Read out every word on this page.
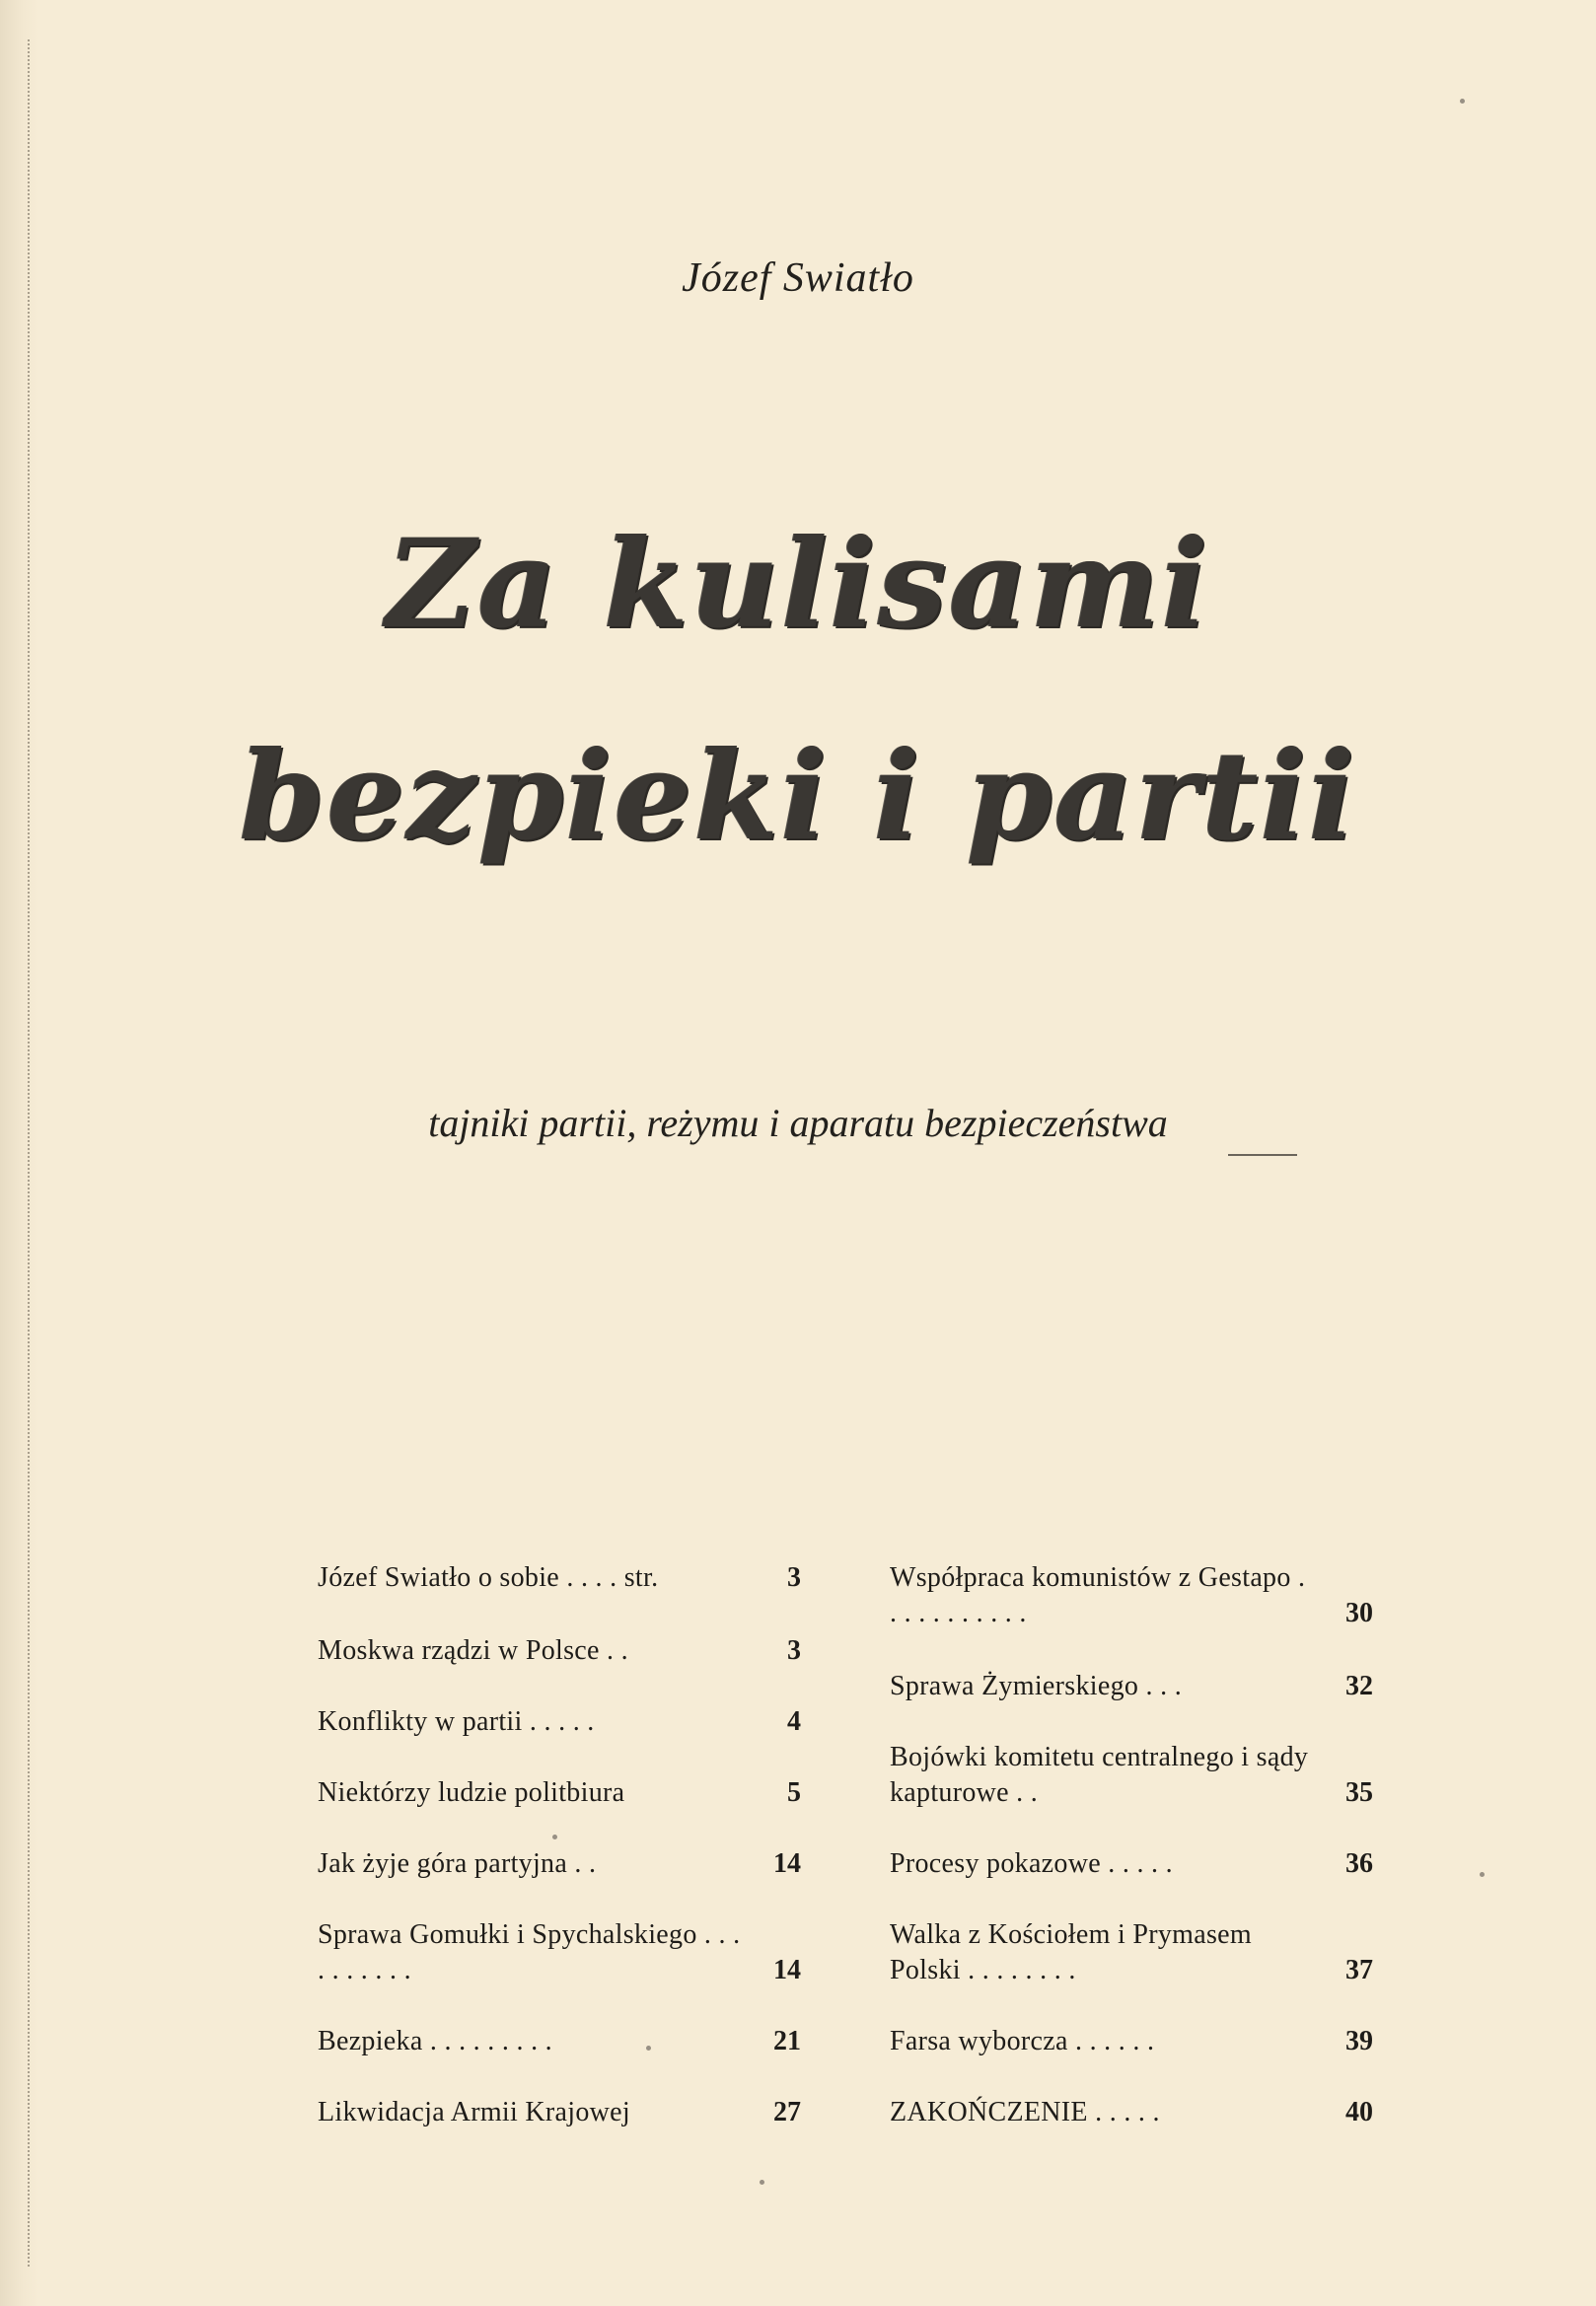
Józef Swiatło
Za kulisami
bezpieki i partii
tajniki partii, reżymu i aparatu bezpieczeństwa
Józef Swiatło o sobie . . . . str.	3
Moskwa rządzi w Polsce . .	3
Konflikty w partii . . . . .	4
Niektórzy ludzie politbiura	5
Jak żyje góra partyjna . .	14
Sprawa Gomułki i Spychalskiego . . . . . . . . . .	14
Bezpieka . . . . . . . . .	21
Likwidacja Armii Krajowej	27
Współpraca komunistów z Gestapo . . . . . . . . . . .	30
Sprawa Żymierskiego . . .	32
Bojówki komitetu centralnego i sądy kapturowe . .	35
Procesy pokazowe . . . . .	36
Walka z Kościołem i Prymasem Polski . . . . . . . .	37
Farsa wyborcza . . . . . .	39
ZAKOŃCZENIE . . . . .	40
